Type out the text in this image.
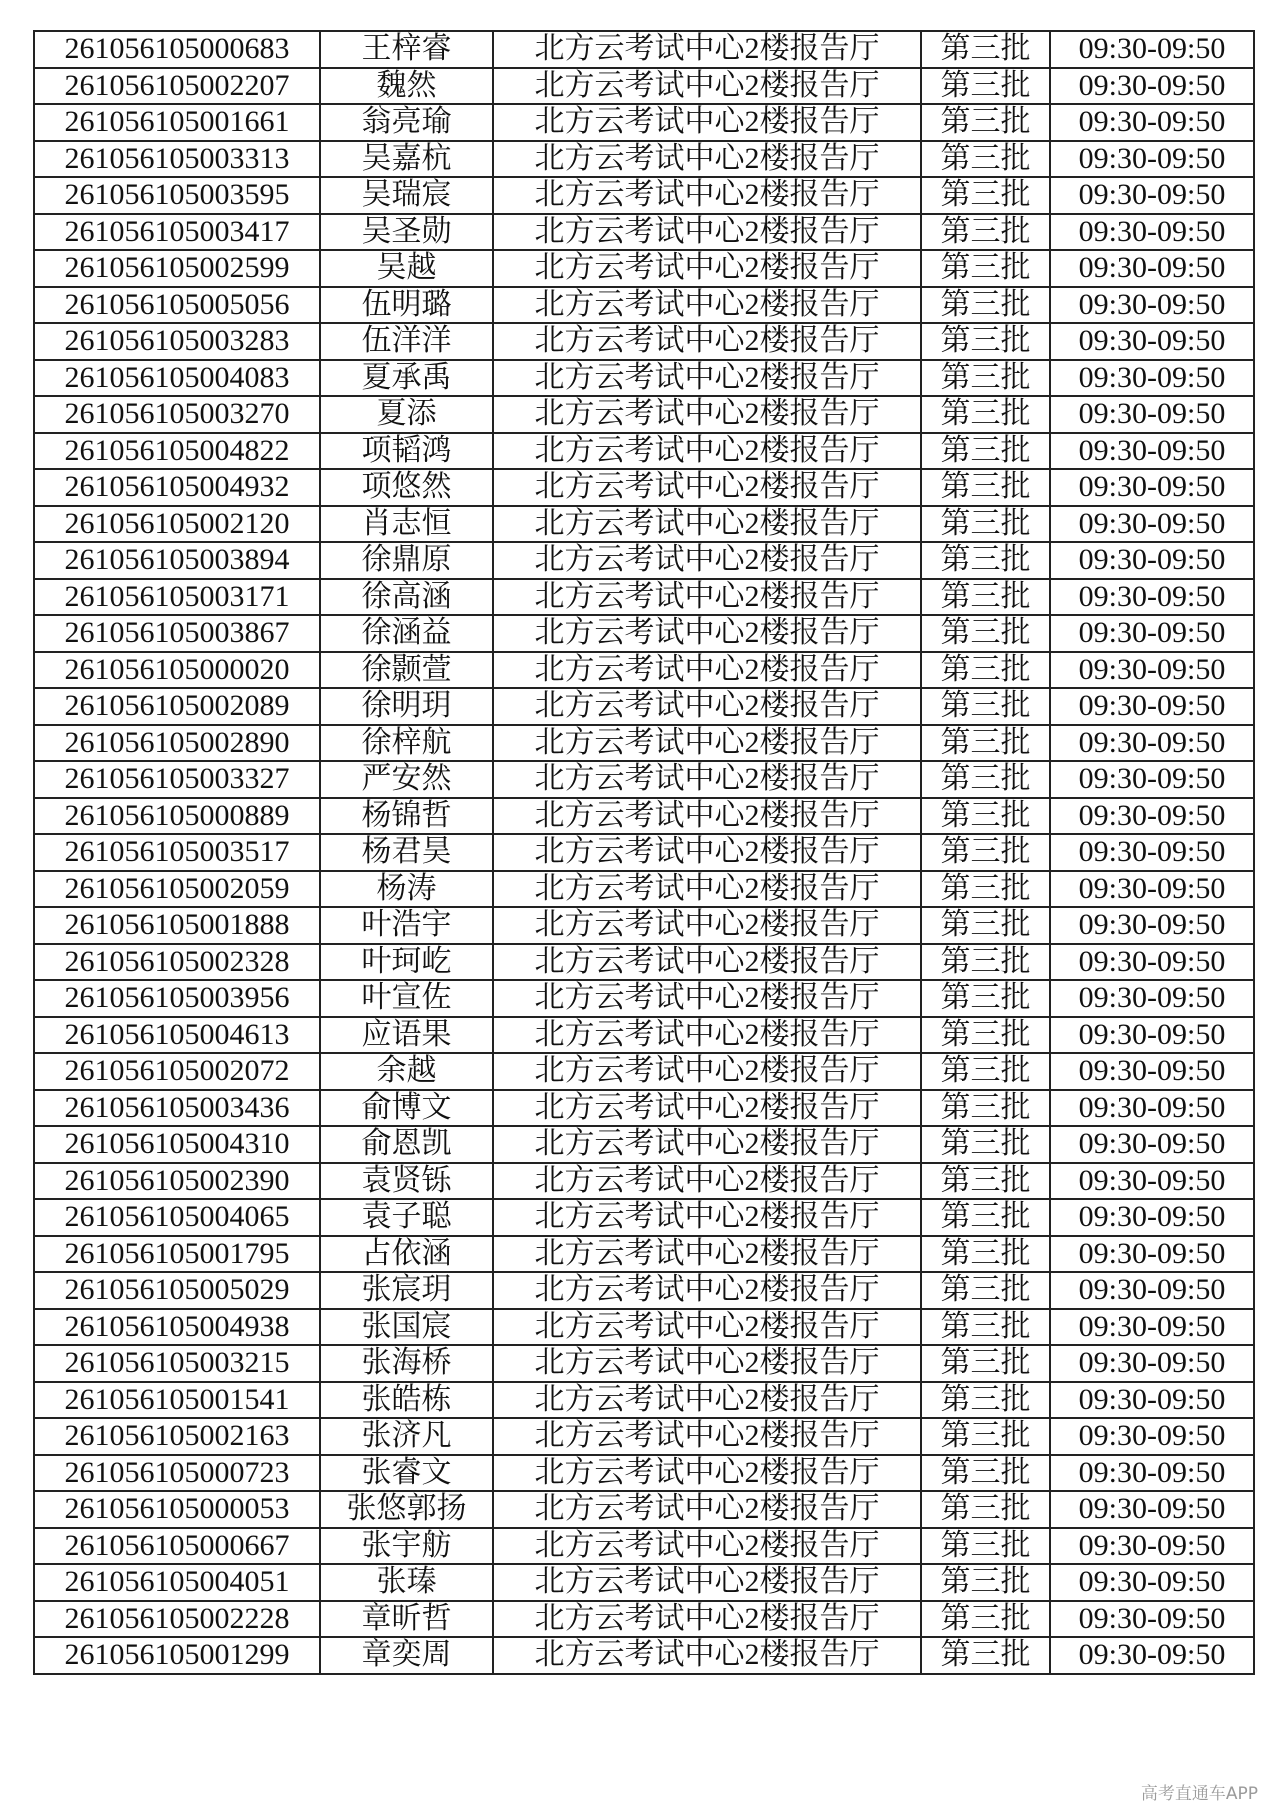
261056105000683	王梓睿	北方云考试中心2楼报告厅	第三批	09:30-09:50
261056105002207	魏然	北方云考试中心2楼报告厅	第三批	09:30-09:50
261056105001661	翁亮瑜	北方云考试中心2楼报告厅	第三批	09:30-09:50
261056105003313	吴嘉杭	北方云考试中心2楼报告厅	第三批	09:30-09:50
261056105003595	吴瑞宸	北方云考试中心2楼报告厅	第三批	09:30-09:50
261056105003417	吴圣勋	北方云考试中心2楼报告厅	第三批	09:30-09:50
261056105002599	吴越	北方云考试中心2楼报告厅	第三批	09:30-09:50
261056105005056	伍明璐	北方云考试中心2楼报告厅	第三批	09:30-09:50
261056105003283	伍洋洋	北方云考试中心2楼报告厅	第三批	09:30-09:50
261056105004083	夏承禹	北方云考试中心2楼报告厅	第三批	09:30-09:50
261056105003270	夏添	北方云考试中心2楼报告厅	第三批	09:30-09:50
261056105004822	项韬鸿	北方云考试中心2楼报告厅	第三批	09:30-09:50
261056105004932	项悠然	北方云考试中心2楼报告厅	第三批	09:30-09:50
261056105002120	肖志恒	北方云考试中心2楼报告厅	第三批	09:30-09:50
261056105003894	徐鼎原	北方云考试中心2楼报告厅	第三批	09:30-09:50
261056105003171	徐高涵	北方云考试中心2楼报告厅	第三批	09:30-09:50
261056105003867	徐涵益	北方云考试中心2楼报告厅	第三批	09:30-09:50
261056105000020	徐颢萱	北方云考试中心2楼报告厅	第三批	09:30-09:50
261056105002089	徐明玥	北方云考试中心2楼报告厅	第三批	09:30-09:50
261056105002890	徐梓航	北方云考试中心2楼报告厅	第三批	09:30-09:50
261056105003327	严安然	北方云考试中心2楼报告厅	第三批	09:30-09:50
261056105000889	杨锦哲	北方云考试中心2楼报告厅	第三批	09:30-09:50
261056105003517	杨君昊	北方云考试中心2楼报告厅	第三批	09:30-09:50
261056105002059	杨涛	北方云考试中心2楼报告厅	第三批	09:30-09:50
261056105001888	叶浩宇	北方云考试中心2楼报告厅	第三批	09:30-09:50
261056105002328	叶珂屹	北方云考试中心2楼报告厅	第三批	09:30-09:50
261056105003956	叶宣佐	北方云考试中心2楼报告厅	第三批	09:30-09:50
261056105004613	应语果	北方云考试中心2楼报告厅	第三批	09:30-09:50
261056105002072	余越	北方云考试中心2楼报告厅	第三批	09:30-09:50
261056105003436	俞博文	北方云考试中心2楼报告厅	第三批	09:30-09:50
261056105004310	俞恩凯	北方云考试中心2楼报告厅	第三批	09:30-09:50
261056105002390	袁贤铄	北方云考试中心2楼报告厅	第三批	09:30-09:50
261056105004065	袁子聪	北方云考试中心2楼报告厅	第三批	09:30-09:50
261056105001795	占依涵	北方云考试中心2楼报告厅	第三批	09:30-09:50
261056105005029	张宸玥	北方云考试中心2楼报告厅	第三批	09:30-09:50
261056105004938	张国宸	北方云考试中心2楼报告厅	第三批	09:30-09:50
261056105003215	张海桥	北方云考试中心2楼报告厅	第三批	09:30-09:50
261056105001541	张皓栋	北方云考试中心2楼报告厅	第三批	09:30-09:50
261056105002163	张济凡	北方云考试中心2楼报告厅	第三批	09:30-09:50
261056105000723	张睿文	北方云考试中心2楼报告厅	第三批	09:30-09:50
261056105000053	张悠郭扬	北方云考试中心2楼报告厅	第三批	09:30-09:50
261056105000667	张宇舫	北方云考试中心2楼报告厅	第三批	09:30-09:50
261056105004051	张瑧	北方云考试中心2楼报告厅	第三批	09:30-09:50
261056105002228	章昕哲	北方云考试中心2楼报告厅	第三批	09:30-09:50
261056105001299	章奕周	北方云考试中心2楼报告厅	第三批	09:30-09:50
高考直通车APP
